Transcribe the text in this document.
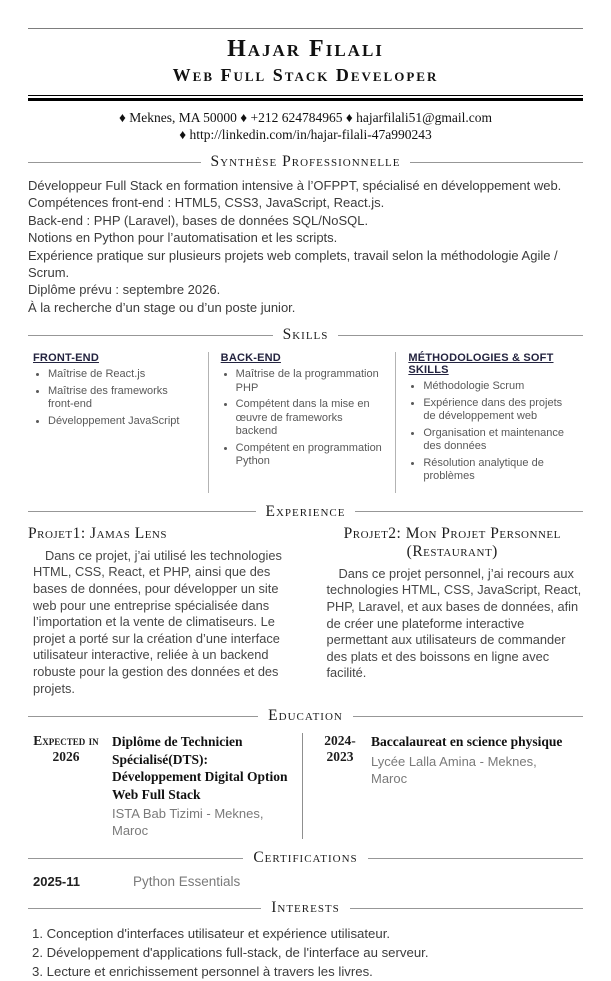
Hajar Filali
Web Full Stack Developer
♦ Meknes, MA 50000 ♦ +212 624784965 ♦ hajarfilali51@gmail.com
♦ http://linkedin.com/in/hajar-filali-47a990243
Synthèse Professionnelle
Développeur Full Stack en formation intensive à l’OFPPT, spécialisé en développement web.
Compétences front-end : HTML5, CSS3, JavaScript, React.js.
Back-end : PHP (Laravel), bases de données SQL/NoSQL.
Notions en Python pour l’automatisation et les scripts.
Expérience pratique sur plusieurs projets web complets, travail selon la méthodologie Agile / Scrum.
Diplôme prévu : septembre 2026.
À la recherche d’un stage ou d’un poste junior.
Skills
FRONT-END
• Maîtrise de React.js
• Maîtrise des frameworks front-end
• Développement JavaScript
BACK-END
• Maîtrise de la programmation PHP
• Compétent dans la mise en œuvre de frameworks backend
• Compétent en programmation Python
MÉTHODOLOGIES & SOFT SKILLS
• Méthodologie Scrum
• Expérience dans des projets de développement web
• Organisation et maintenance des données
• Résolution analytique de problèmes
Experience
Projet1: Jamas Lens
Dans ce projet, j’ai utilisé les technologies HTML, CSS, React, et PHP, ainsi que des bases de données, pour développer un site web pour une entreprise spécialisée dans l’importation et la vente de climatiseurs. Le projet a porté sur la création d’une interface utilisateur interactive, reliée à un backend robuste pour la gestion des données et des projets.
Projet2: Mon Projet Personnel (Restaurant)
Dans ce projet personnel, j’ai recours aux technologies HTML, CSS, JavaScript, React, PHP, Laravel, et aux bases de données, afin de créer une plateforme interactive permettant aux utilisateurs de commander des plats et des boissons en ligne avec facilité.
Education
Expected in 2026
Diplôme de Technicien Spécialisé(DTS): Développement Digital Option Web Full Stack
ISTA Bab Tizimi - Meknes, Maroc
2024-2023
Baccalaureat en science physique
Lycée Lalla Amina - Meknes, Maroc
Certifications
2025-11	Python Essentials
Interests
1. Conception d'interfaces utilisateur et expérience utilisateur.
2. Développement d'applications full-stack, de l'interface au serveur.
3. Lecture et enrichissement personnel à travers les livres.
